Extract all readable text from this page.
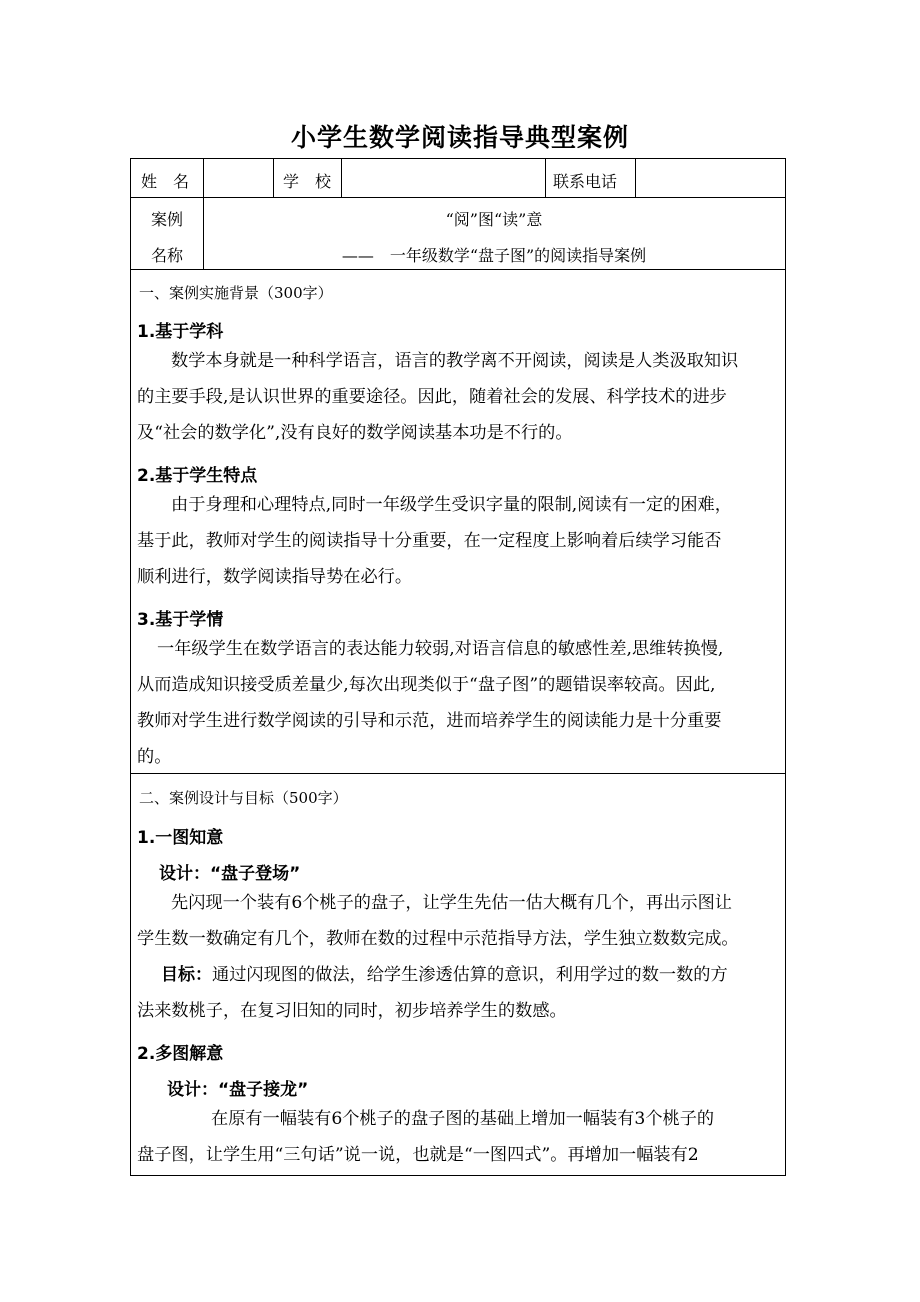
小学生数学阅读指导典型案例
姓　名	学　校	联系电话
案例
名称
“阅”图“读”意
——　一年级数学“盘子图”的阅读指导案例
一、案例实施背景（300字）
1.基于学科
数学本身就是一种科学语言，语言的教学离不开阅读，阅读是人类汲取知识
的主要手段,是认识世界的重要途径。因此，随着社会的发展、科学技术的进步
及“社会的数学化”,没有良好的数学阅读基本功是不行的。
2.基于学生特点
由于身理和心理特点,同时一年级学生受识字量的限制,阅读有一定的困难，
基于此，教师对学生的阅读指导十分重要，在一定程度上影响着后续学习能否
顺利进行，数学阅读指导势在必行。
3.基于学情
一年级学生在数学语言的表达能力较弱,对语言信息的敏感性差,思维转换慢,
从而造成知识接受质差量少,每次出现类似于“盘子图”的题错误率较高。因此,
教师对学生进行数学阅读的引导和示范，进而培养学生的阅读能力是十分重要
的。
二、案例设计与目标（500字）
1.一图知意
设计：“盘子登场”
先闪现一个装有6个桃子的盘子，让学生先估一估大概有几个，再出示图让
学生数一数确定有几个，教师在数的过程中示范指导方法，学生独立数数完成。
目标：通过闪现图的做法，给学生渗透估算的意识，利用学过的数一数的方
法来数桃子，在复习旧知的同时，初步培养学生的数感。
2.多图解意
设计：“盘子接龙”
在原有一幅装有6个桃子的盘子图的基础上增加一幅装有3个桃子的
盘子图，让学生用“三句话”说一说，也就是“一图四式”。再增加一幅装有2
